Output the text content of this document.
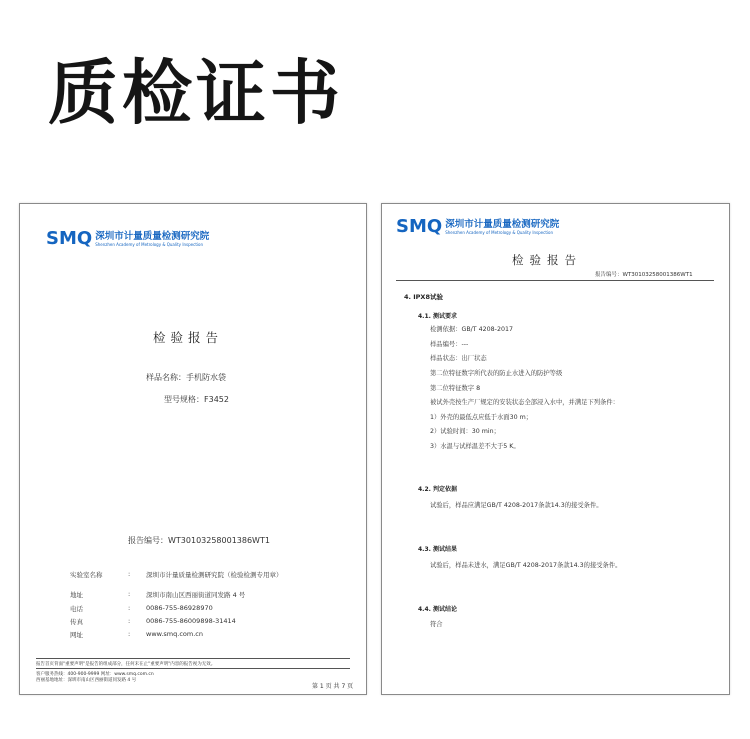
质检证书
SMQ 深圳市计量质量检测研究院
Shenzhen Academy of Metrology & Quality Inspection
检验报告
样品名称：手机防水袋
型号规格：F3452
报告编号：WT30103258001386WT1
实验室名称	: 深圳市计量质量检测研究院（检验检测专用章）
地址	: 深圳市南山区西丽街道同发路 4 号
电话	: 0086-755-86928970
传真	: 0086-755-86009898-31414
网址	: www.smq.com.cn
报告首页背面"重要声明"是报告的组成部分，任何未在止"重要声明"内容的报告视为无效。
客户服务热线：400-900-9999 网址：www.smq.com.cn
西丽基地地址：深圳市南山区西丽街道同发路 4 号
第 1 页 共 7 页
SMQ 深圳市计量质量检测研究院
Shenzhen Academy of Metrology & Quality Inspection
检验报告
报告编号：WT30103258001386WT1
4. IPX8试验
4.1. 测试要求
检测依据：GB/T 4208-2017
样品编号：---
样品状态：出厂状态
第二位特征数字所代表的防止水进入的防护等级
第二位特征数字 8
被试外壳按生产厂规定的安装状态全部浸入水中，并满足下列条件：
1）外壳的最低点应低于水面30 m；
2）试验时间：30 min；
3）水温与试样温差不大于5 K。
4.2. 判定依据
试验后，样品应满足GB/T 4208-2017条款14.3的接受条件。
4.3. 测试结果
试验后，样品未进水，满足GB/T 4208-2017条款14.3的接受条件。
4.4. 测试结论
符合
